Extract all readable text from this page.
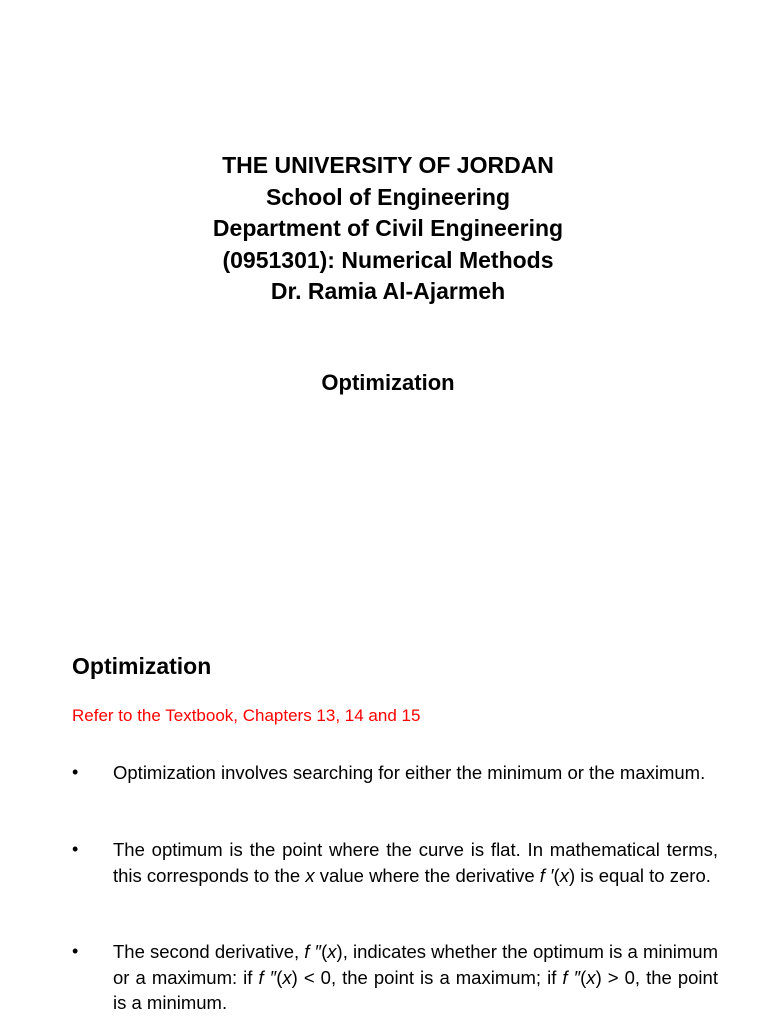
THE UNIVERSITY OF JORDAN
School of Engineering
Department of Civil Engineering
(0951301): Numerical Methods
Dr. Ramia Al-Ajarmeh
Optimization
Optimization
Refer to the Textbook, Chapters 13, 14 and 15
• Optimization involves searching for either the minimum or the maximum.
• The optimum is the point where the curve is flat. In mathematical terms, this corresponds to the x value where the derivative f ′(x) is equal to zero.
• The second derivative, f ″(x), indicates whether the optimum is a minimum or a maximum: if f ″(x) < 0, the point is a maximum; if f ″(x) > 0, the point is a minimum.
